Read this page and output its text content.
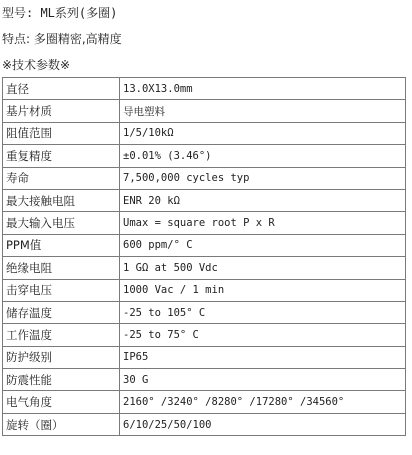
型号: ML系列(多圈)
特点: 多圈精密,高精度
※技术参数※
直径	13.0X13.0mm
基片材质	导电塑料
阻值范围	1/5/10kΩ
重复精度	±0.01% (3.46°)
寿命	7,500,000 cycles typ
最大接触电阻	ENR 20 kΩ
最大输入电压	Umax = square root P x R
PPM值	600 ppm/° C
绝缘电阻	1 GΩ at 500 Vdc
击穿电压	1000 Vac / 1 min
储存温度	-25 to 105° C
工作温度	-25 to 75° C
防护级别	IP65
防震性能	30 G
电气角度	2160° /3240° /8280° /17280° /34560°
旋转（圈）	6/10/25/50/100
